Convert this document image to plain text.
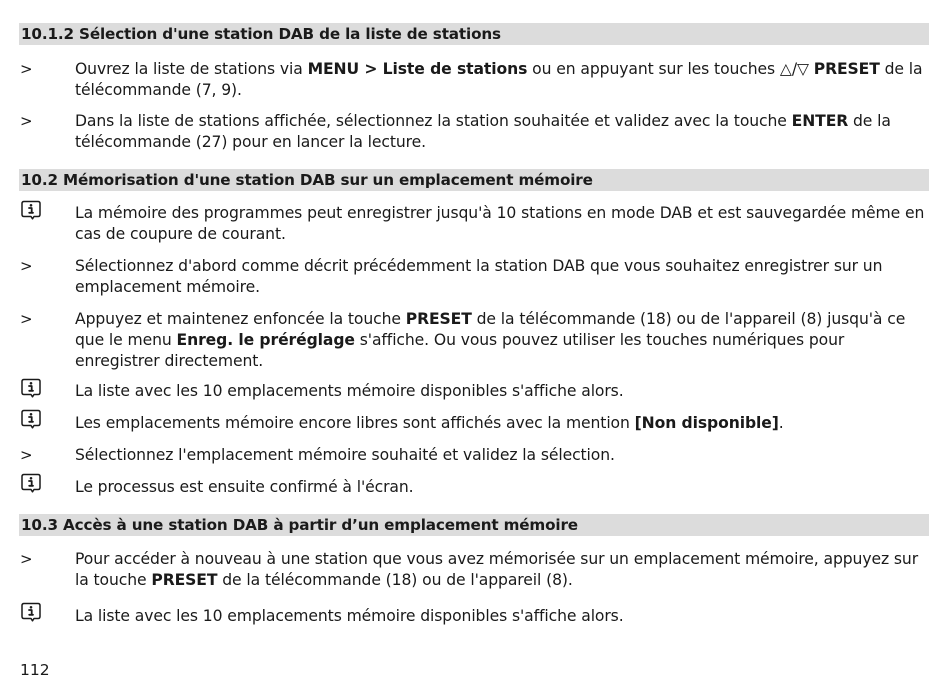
10.1.2 Sélection d'une station DAB de la liste de stations
>	Ouvrez la liste de stations via MENU > Liste de stations ou en appuyant sur les touches △/▽ PRESET de la télécommande (7, 9).
>	Dans la liste de stations affichée, sélectionnez la station souhaitée et validez avec la touche ENTER de la télécommande (27) pour en lancer la lecture.
10.2 Mémorisation d'une station DAB sur un emplacement mémoire
La mémoire des programmes peut enregistrer jusqu'à 10 stations en mode DAB et est sauvegardée même en cas de coupure de courant.
>	Sélectionnez d'abord comme décrit précédemment la station DAB que vous souhaitez enregistrer sur un emplacement mémoire.
>	Appuyez et maintenez enfoncée la touche PRESET de la télécommande (18) ou de l'appareil (8) jusqu'à ce que le menu Enreg. le préréglage s'affiche. Ou vous pouvez utiliser les touches numériques pour enregistrer directement.
La liste avec les 10 emplacements mémoire disponibles s'affiche alors.
Les emplacements mémoire encore libres sont affichés avec la mention [Non disponible].
>	Sélectionnez l'emplacement mémoire souhaité et validez la sélection.
Le processus est ensuite confirmé à l'écran.
10.3 Accès à une station DAB à partir d’un emplacement mémoire
>	Pour accéder à nouveau à une station que vous avez mémorisée sur un emplacement mémoire, appuyez sur la touche PRESET de la télécommande (18) ou de l'appareil (8).
La liste avec les 10 emplacements mémoire disponibles s'affiche alors.
112
